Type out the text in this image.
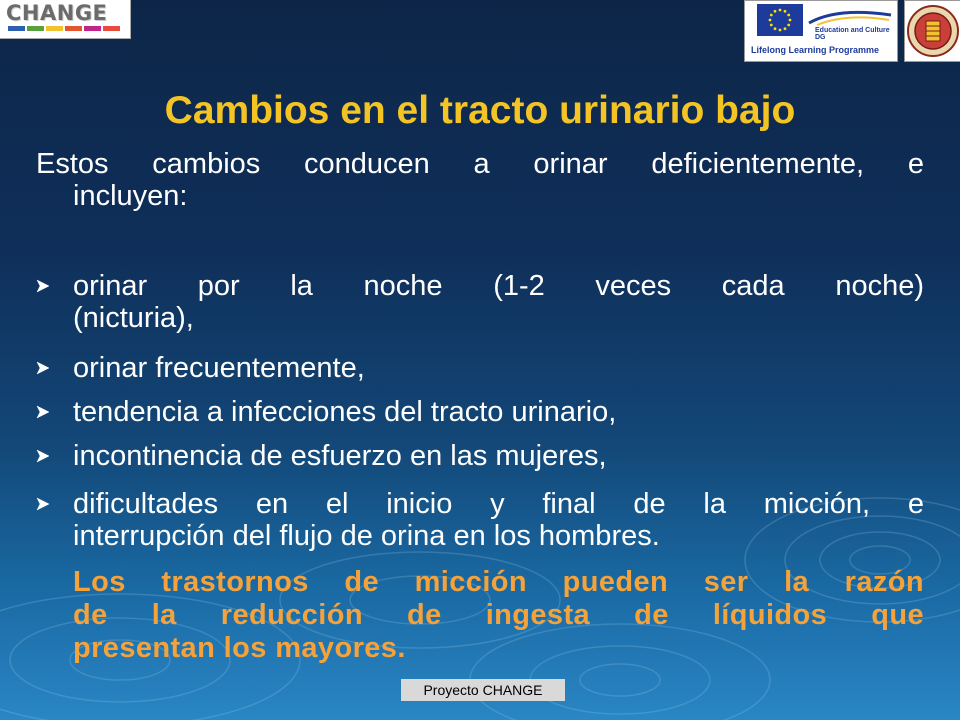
CHANGE
Education and Culture DG
Lifelong Learning Programme
Cambios en el tracto urinario bajo
Estos cambios conducen a orinar deficientemente, e
incluyen:
orinar por la noche (1-2 veces cada noche)
(nicturia),
orinar frecuentemente,
tendencia a infecciones del tracto urinario,
incontinencia de esfuerzo en las mujeres,
dificultades en el inicio y final de la micción, e
interrupción del flujo de orina en los hombres.
Los trastornos de micción pueden ser la razón
de la reducción de ingesta de líquidos que
presentan los mayores.
Proyecto CHANGE
